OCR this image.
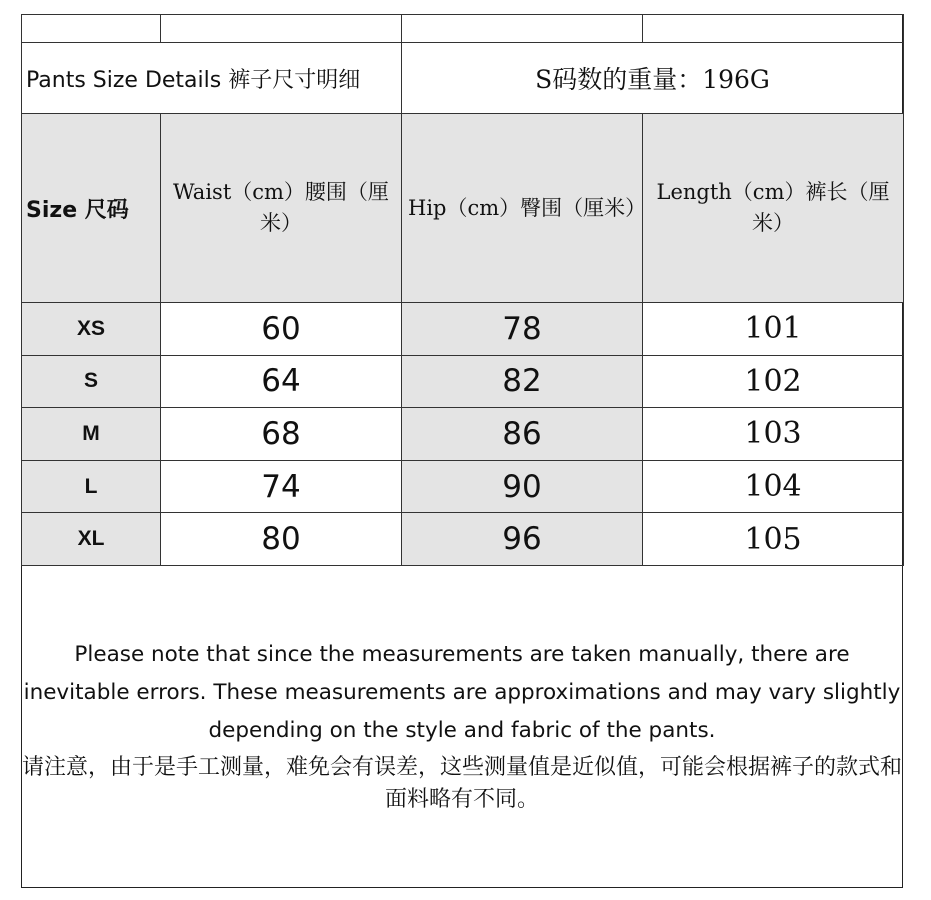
Pants Size Details 裤子尺寸明细		S码数的重量：196G	
Size 尺码	Waist（cm）腰围（厘米）	Hip（cm）臀围（厘米）	Length（cm）裤长（厘米）
XS	60	78	101
S	64	82	102
M	68	86	103
L	74	90	104
XL	80	96	105
Please note that since the measurements are taken manually, there are inevitable errors. These measurements are approximations and may vary slightly depending on the style and fabric of the pants.
请注意，由于是手工测量，难免会有误差，这些测量值是近似值，可能会根据裤子的款式和面料略有不同。
